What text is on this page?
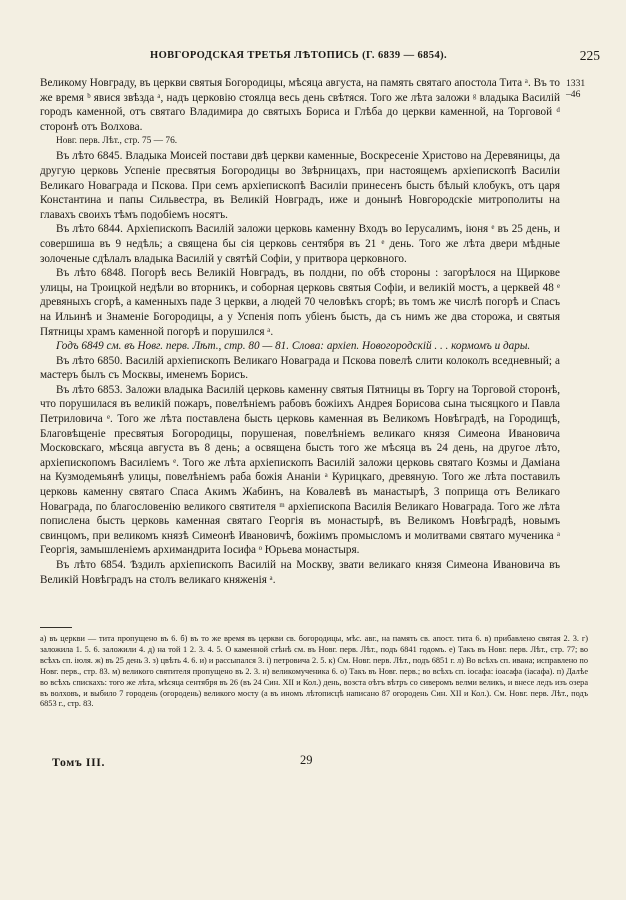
НОВГОРОДСКАЯ ТРЕТЬЯ ЛѢТОПИСЬ (Г. 6839 — 6854).	225
1331
–46

Великому Новграду, въ церкви святыя Богородицы, мѣсяца августа, на память святаго апостола Тита ᵃ. Въ то же время ᵇ явися звѣзда ᵃ, надъ церковію стоялца весь день свѣтяся. Того же лѣта заложи ᵍ владыка Василій городъ каменной, отъ святаго Владимира до святыхъ Бориса и Глѣба до церкви каменной, на Торговой ᵈ сторонѣ отъ Волхова.

Новг. перв. Лѣт., стр. 75 — 76.

Въ лѣто 6845. Владыка Моисей постави двѣ церкви каменные, Воскресеніе Христово на Деревяницы, да другую церковь Успеніе пресвятыя Богородицы во Звѣрницахъ, при настоящемъ архіепископѣ Василіи Великаго Новаграда и Пскова. При семъ архіепископѣ Василіи принесенъ бысть бѣлый клобукъ, отъ царя Константина и папы Сильвестра, въ Великій Новградъ, иже и донынѣ Новгородскіе митрополиты на главахъ своихъ тѣмъ подобіемъ носятъ.

Въ лѣто 6844. Архіепископъ Василій заложи церковь каменну Входъ во Іерусалимъ, іюня ᵉ въ 25 день, и совершиша въ 9 недѣль; а священа бы сія церковь сентября въ 21 ᵉ день. Того же лѣта двери мѣдные золоченые сдѣлалъ владыка Василій у святѣй Софіи, у притвора церковного.

Въ лѣто 6848. Погорѣ весь Великій Новградъ, въ полдни, по обѣ стороны : загорѣлося на Щиркове улицы, на Троицкой недѣли во вторникъ, и соборная церковь святыя Софіи, и великій мостъ, а церквей 48 ᵉ древяныхъ сгорѣ, а каменныхъ паде 3 церкви, а людей 70 человѣкъ сгорѣ; въ томъ же числѣ погорѣ и Спасъ на Ильинѣ и Знаменіе Богородицы, а у Успенія попъ убіенъ бысть, да съ нимъ же два сторожа, и святыя Пятницы храмъ каменной погорѣ и порушился ᵃ.

Годъ 6849 см. въ Новг. перв. Лѣт., стр. 80 — 81. Слова: архіеп. Новогородскій . . . кормомъ и дары.

Въ лѣто 6850. Василій архіепископъ Великаго Новаграда и Пскова повелѣ слити колоколъ вседневный; а мастеръ былъ съ Москвы, именемъ Борисъ.

Въ лѣто 6853. Заложи владыка Василій церковь каменну святыя Пятницы въ Торгу на Торговой сторонѣ, что порушилася въ великій пожаръ, повелѣніемъ рабовъ божіихъ Андрея Борисова сына тысяцкого и Павла Петриловича ᵉ. Того же лѣта поставлена бысть церковь каменная въ Великомъ Новѣградѣ, на Городищѣ, Благовѣщеніе пресвятыя Богородицы, порушеная, повелѣніемъ великаго князя Симеона Ивановича Московскаго, мѣсяца августа въ 8 день; а освящена бысть того же мѣсяца въ 24 день, на другое лѣто, архіепископомъ Василіемъ ᵉ. Того же лѣта архіепископъ Василій заложи церковь святаго Козмы и Даміана на Кузмодемьянѣ улицы, повелѣніемъ раба божія Ананіи ᵃ Курицкаго, древяную. Того же лѣта поставилъ церковь каменну святаго Спаса Акимъ Жабинъ, на Ковалевѣ въ манастырѣ, 3 поприща отъ Великаго Новаграда, по благословенію великого святителя ᵐ архіепископа Василія Великаго Новаграда. Того же лѣта попислена бысть церковь каменная святаго Георгія въ монастырѣ, въ Великомъ Новѣградѣ, новымъ свинцомъ, при великомъ князѣ Симеонѣ Ивановичѣ, божіимъ промысломъ и молитвами святаго мученика ᵃ Георгія, замышленіемъ архимандрита Іосифа ᵒ Юрьева монастыря.

Въ лѣто 6854. Ѣздилъ архіепископъ Василій на Москву, звати великаго князя Симеона Ивановича въ Великій Новѣградъ на столъ великаго княженія ᵃ.

а) въ церкви — тита пропущено въ 6. б) въ то же время въ церкви св. богородицы, мѣс. авг., на память св. апост. тита 6. в) прибавлено святая 2. 3. г) заложила 1. 5. 6. заложили 4. д) на той 1 2. 3. 4. 5. О каменной стѣнѣ см. въ Новг. перв. Лѣт., подъ 6841 годомъ. е) Такъ въ Новг. перв. Лѣт., стр. 77; во всѣхъ сп. іюля. ж) въ 25 день 3. з) цвѣть 4. 6. и) и рассыпался 3. і) петровича 2. 5. к) См. Новг. перв. Лѣт., подъ 6851 г. л) Во всѣхъ сп. ивана; исправлено по Новг. перв., стр. 83. м) великого святителя пропущено въ 2. 3. н) великомученика 6. о) Такъ въ Новг. перв.; во всѣхъ сп. іосафа: іоасафа (iасафа). п) Далѣе во всѣхъ спискахъ: того же лѣта, мѣсяца сентября въ 26 (въ 24 Син. XII и Кол.) день, возста оѣтъ вѣтръ со сиверомъ велми великъ, и внесе ледъ изъ озера въ волховъ, и выбило 7 городень (огородень) великого мосту (а въ иномъ лѣтописцѣ написано 87 огородень Син. XII и Кол.). См. Новг. перв. Лѣт., подъ 6853 г., стр. 83.

Томъ III.	29
